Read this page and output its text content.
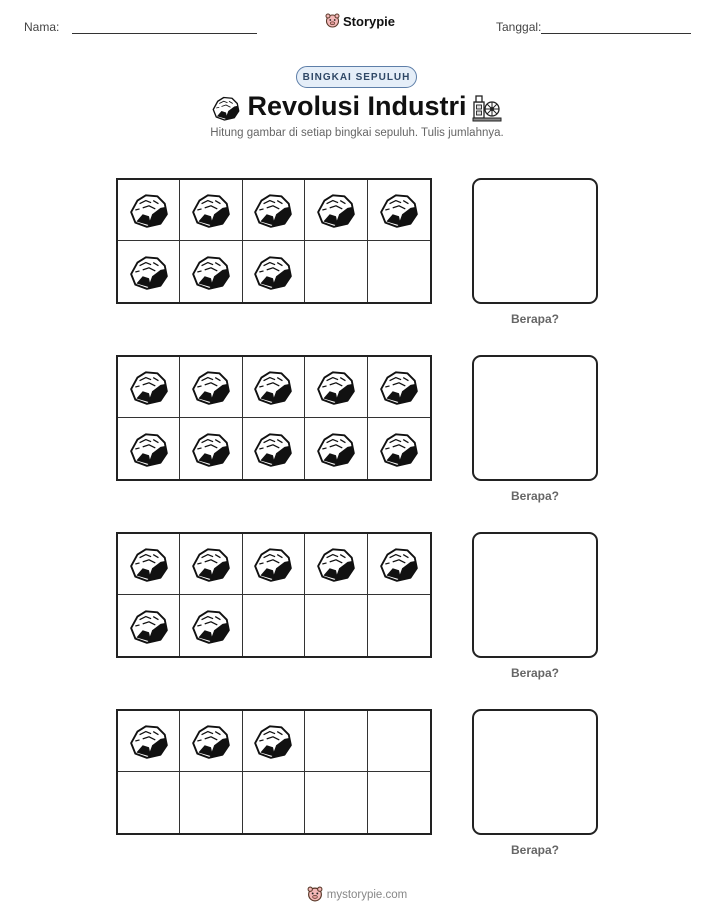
Nama:	Storypie	Tanggal:
BINGKAI SEPULUH
Revolusi Industri
Hitung gambar di setiap bingkai sepuluh. Tulis jumlahnya.
Berapa?
Berapa?
Berapa?
Berapa?
mystorypie.com
